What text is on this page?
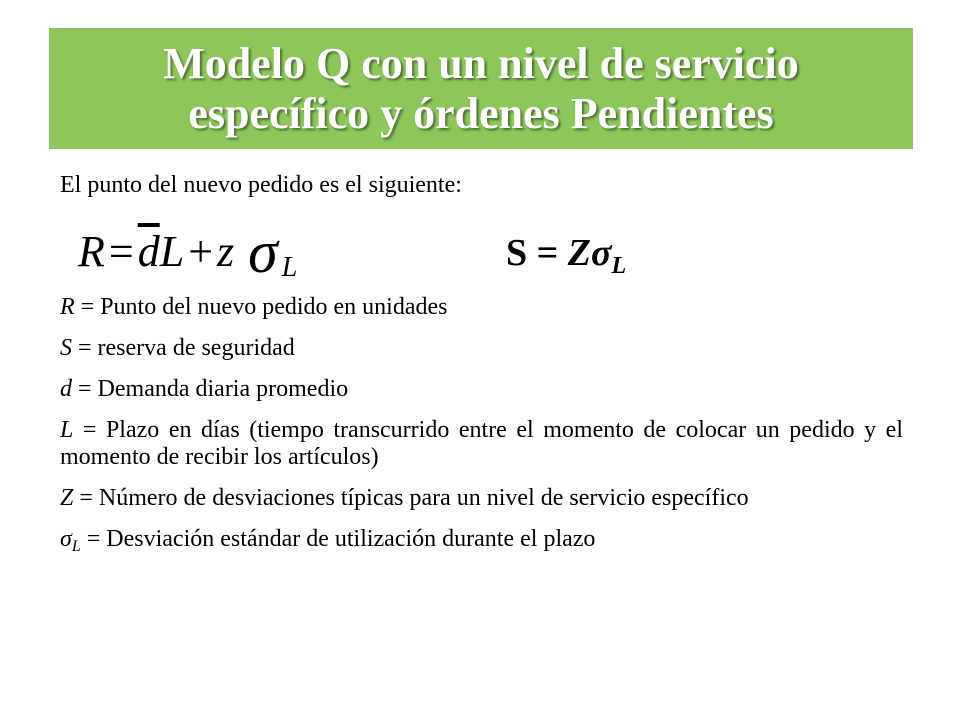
Modelo Q con un nivel de servicio
específico y órdenes Pendientes

El punto del nuevo pedido es el siguiente:

$R=\overline{d}L+z$ σ $_L$	$S = Z\sigma_L$

R = Punto del nuevo pedido en unidades

S = reserva de seguridad

d = Demanda diaria promedio

L = Plazo en días (tiempo transcurrido entre el momento de colocar un pedido y el momento de recibir los artículos)

Z = Número de desviaciones típicas para un nivel de servicio específico

$\sigma_L$ = Desviación estándar de utilización durante el plazo
